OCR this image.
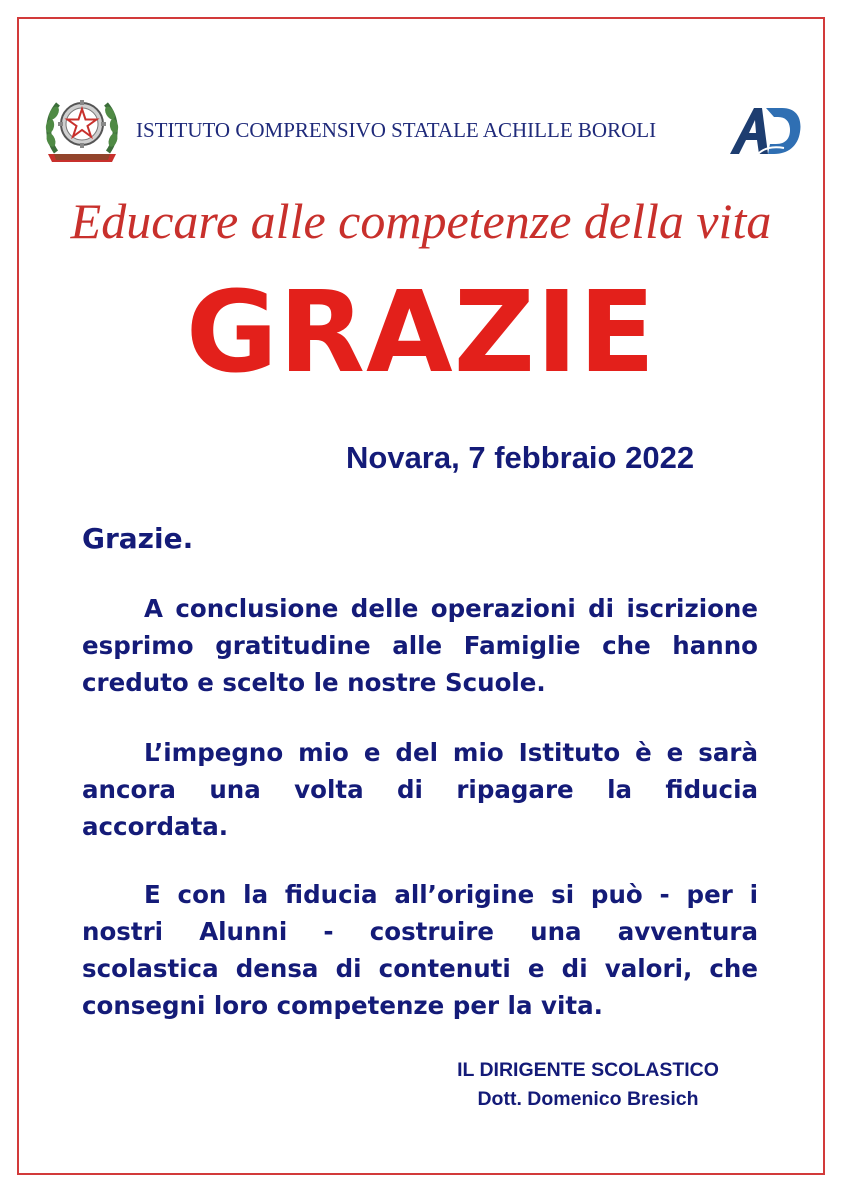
ISTITUTO COMPRENSIVO STATALE ACHILLE BOROLI
Educare alle competenze della vita
GRAZIE
Novara, 7 febbraio 2022
Grazie.
A conclusione delle operazioni di iscrizione esprimo gratitudine alle Famiglie che hanno creduto e scelto le nostre Scuole.
L’impegno mio e del mio Istituto è e sarà ancora una volta di ripagare la fiducia accordata.
E con la fiducia all’origine si può - per i nostri Alunni - costruire una avventura scolastica densa di contenuti e di valori, che consegni loro competenze per la vita.
IL DIRIGENTE SCOLASTICO
Dott. Domenico Bresich
